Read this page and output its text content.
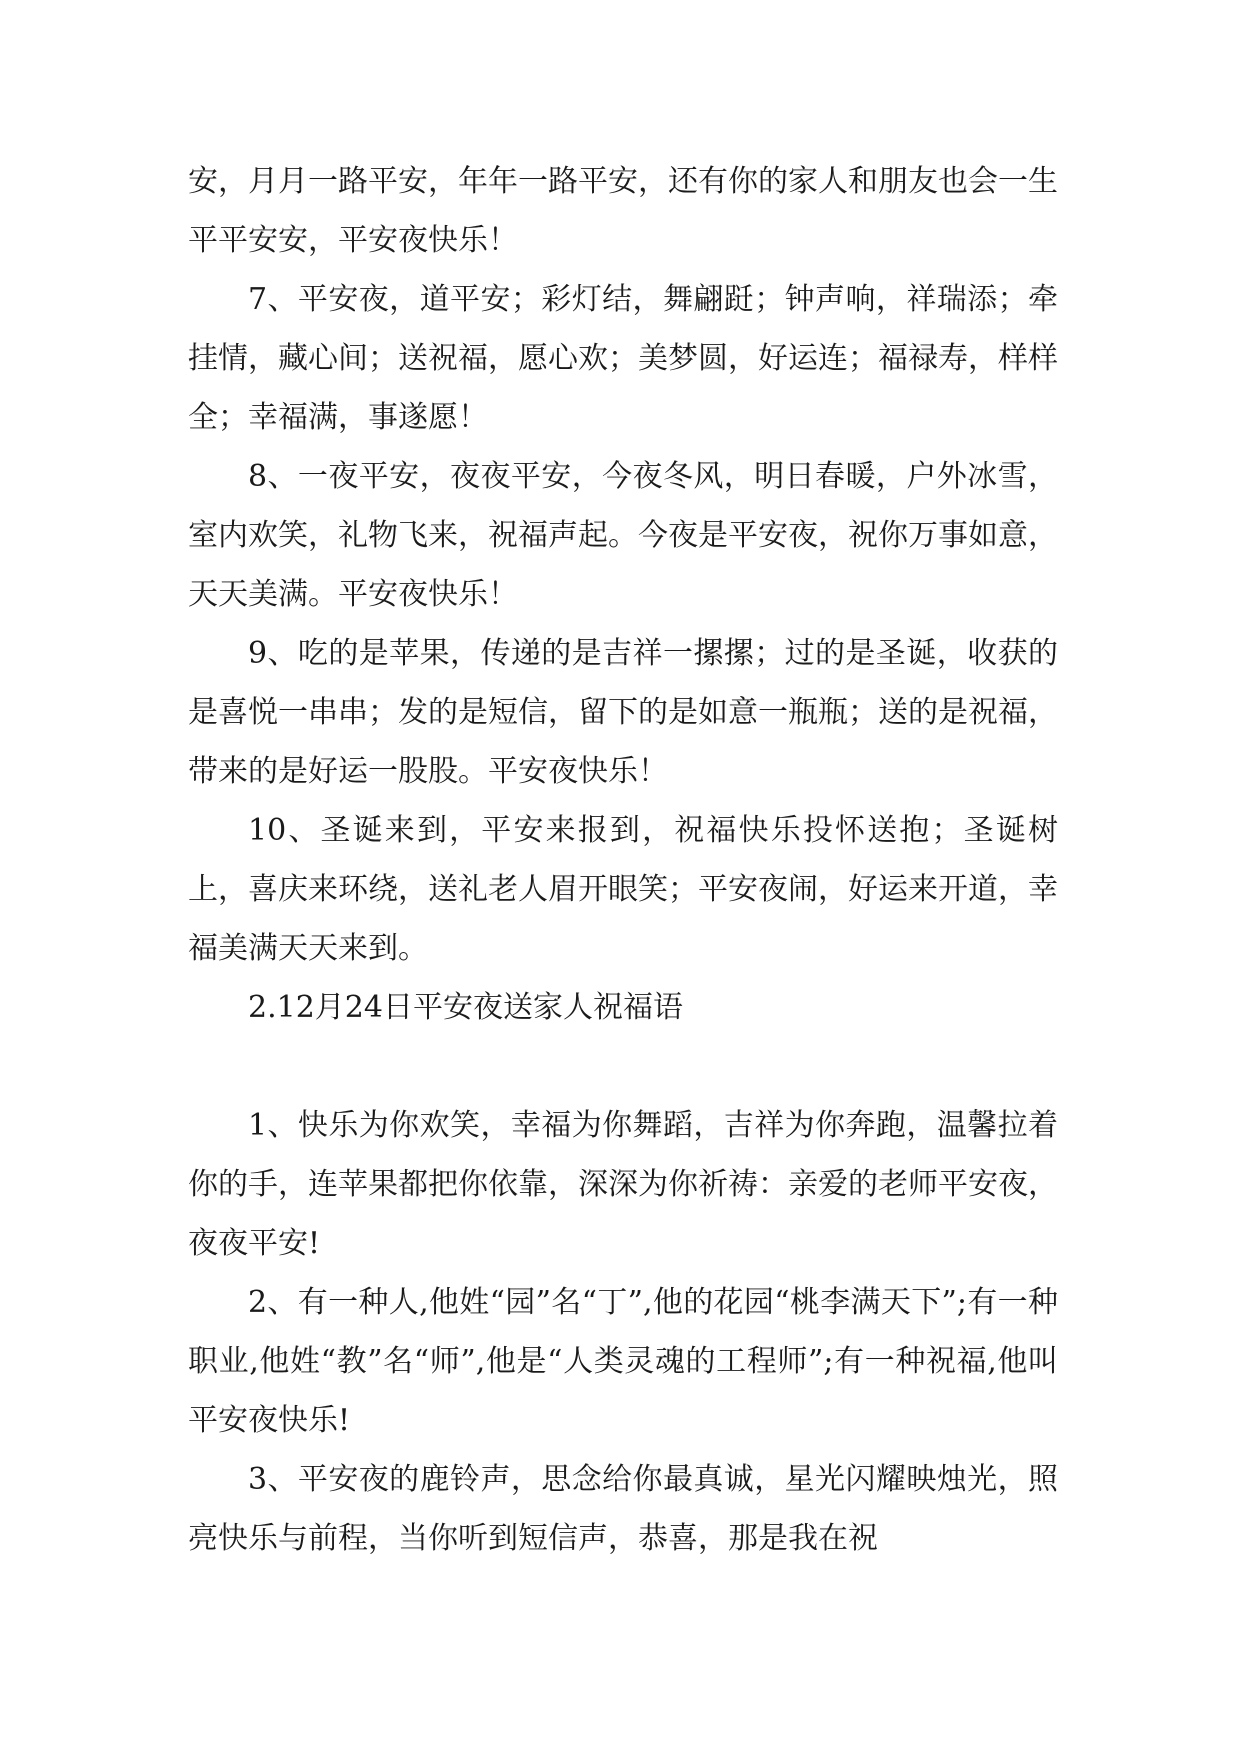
安，月月一路平安，年年一路平安，还有你的家人和朋友也会一生平平安安，平安夜快乐！

7、平安夜，道平安；彩灯结，舞翩跹；钟声响，祥瑞添；牵挂情，藏心间；送祝福，愿心欢；美梦圆，好运连；福禄寿，样样全；幸福满，事遂愿！

8、一夜平安，夜夜平安，今夜冬风，明日春暖，户外冰雪，室内欢笑，礼物飞来，祝福声起。今夜是平安夜，祝你万事如意，天天美满。平安夜快乐！

9、吃的是苹果，传递的是吉祥一摞摞；过的是圣诞，收获的是喜悦一串串；发的是短信，留下的是如意一瓶瓶；送的是祝福，带来的是好运一股股。平安夜快乐！

10、圣诞来到，平安来报到，祝福快乐投怀送抱；圣诞树上，喜庆来环绕，送礼老人眉开眼笑；平安夜闹，好运来开道，幸福美满天天来到。

2.12月24日平安夜送家人祝福语

1、快乐为你欢笑，幸福为你舞蹈，吉祥为你奔跑，温馨拉着你的手，连苹果都把你依靠，深深为你祈祷：亲爱的老师平安夜，夜夜平安!

2、有一种人,他姓“园”名“丁”,他的花园“桃李满天下”;有一种职业,他姓“教”名“师”,他是“人类灵魂的工程师”;有一种祝福,他叫平安夜快乐!

3、平安夜的鹿铃声，思念给你最真诚，星光闪耀映烛光，照亮快乐与前程，当你听到短信声，恭喜，那是我在祝
